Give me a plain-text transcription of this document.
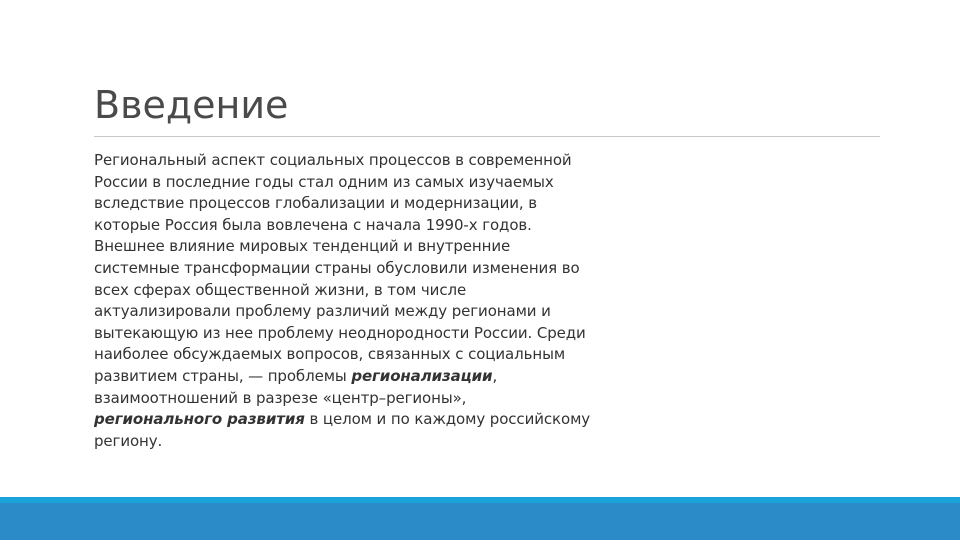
Введение

Региональный аспект социальных процессов в современной
России в последние годы стал одним из самых изучаемых
вследствие процессов глобализации и модернизации, в
которые Россия была вовлечена с начала 1990-х годов.
Внешнее влияние мировых тенденций и внутренние
системные трансформации страны обусловили изменения во
всех сферах общественной жизни, в том числе
актуализировали проблему различий между регионами и
вытекающую из нее проблему неоднородности России. Среди
наиболее обсуждаемых вопросов, связанных с социальным
развитием страны, — проблемы регионализации,
взаимоотношений в разрезе «центр–регионы»,
регионального развития в целом и по каждому российскому
региону.
